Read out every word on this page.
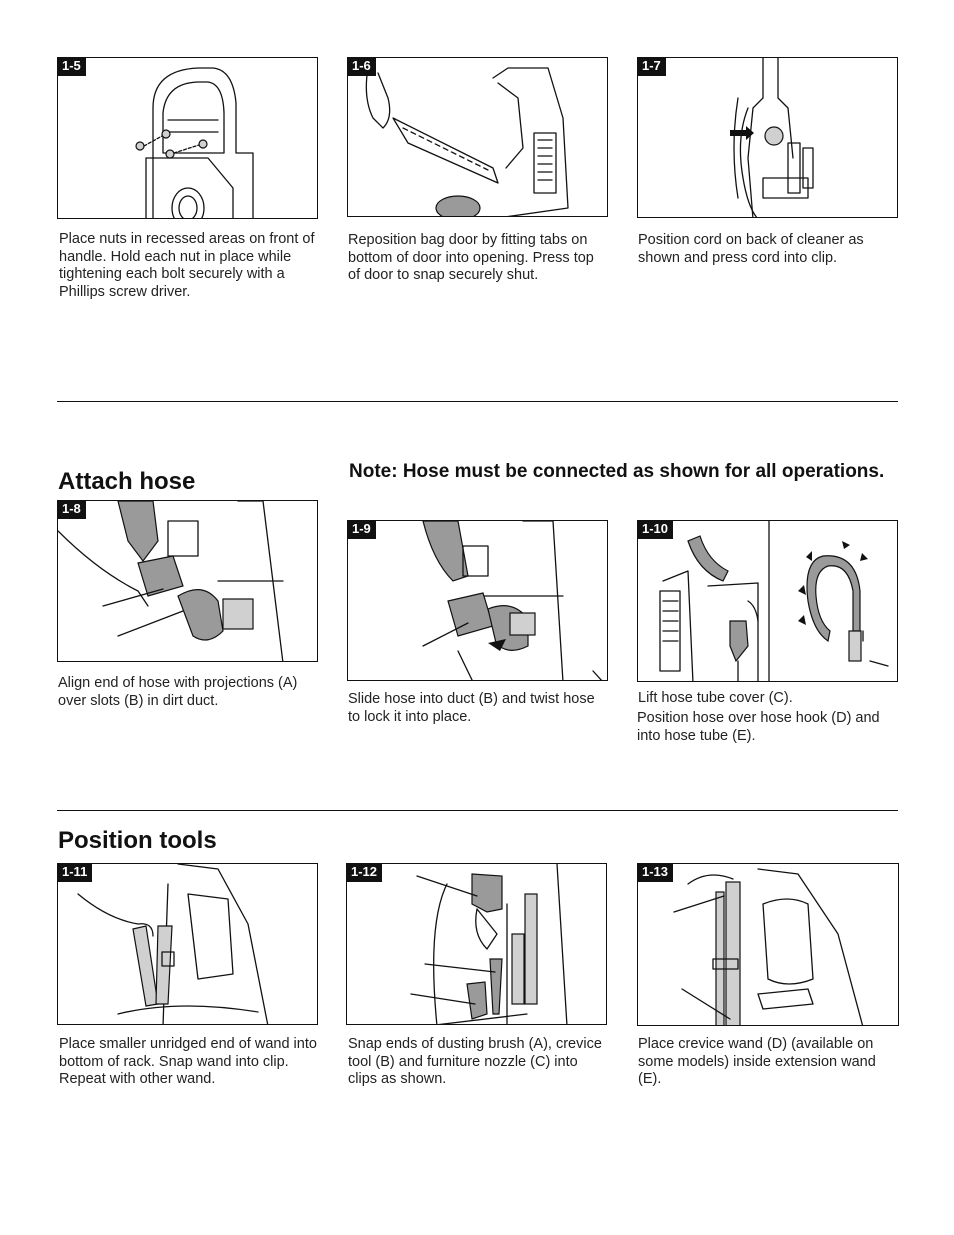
1-5
Place nuts in recessed areas on front of handle. Hold each nut in place while tightening each bolt securely with a Phillips screw driver.
1-6
Reposition bag door by fitting tabs on bottom of door into opening. Press top of door to snap securely shut.
1-7
Position cord on back of cleaner as shown and press cord into clip.
Attach hose	Note: Hose must be connected as shown for all operations.
1-8
Align end of hose with projections (A) over slots (B) in dirt duct.
1-9
Slide hose into duct (B) and twist hose to lock it into place.
1-10
Lift hose tube cover (C).
Position hose over hose hook (D) and into hose tube (E).
Position tools
1-11
Place smaller unridged end of wand into bottom of rack. Snap wand into clip. Repeat with other wand.
1-12
Snap ends of dusting brush (A), crevice tool (B) and furniture nozzle (C) into clips as shown.
1-13
Place crevice wand (D) (available on some models) inside extension wand (E).
